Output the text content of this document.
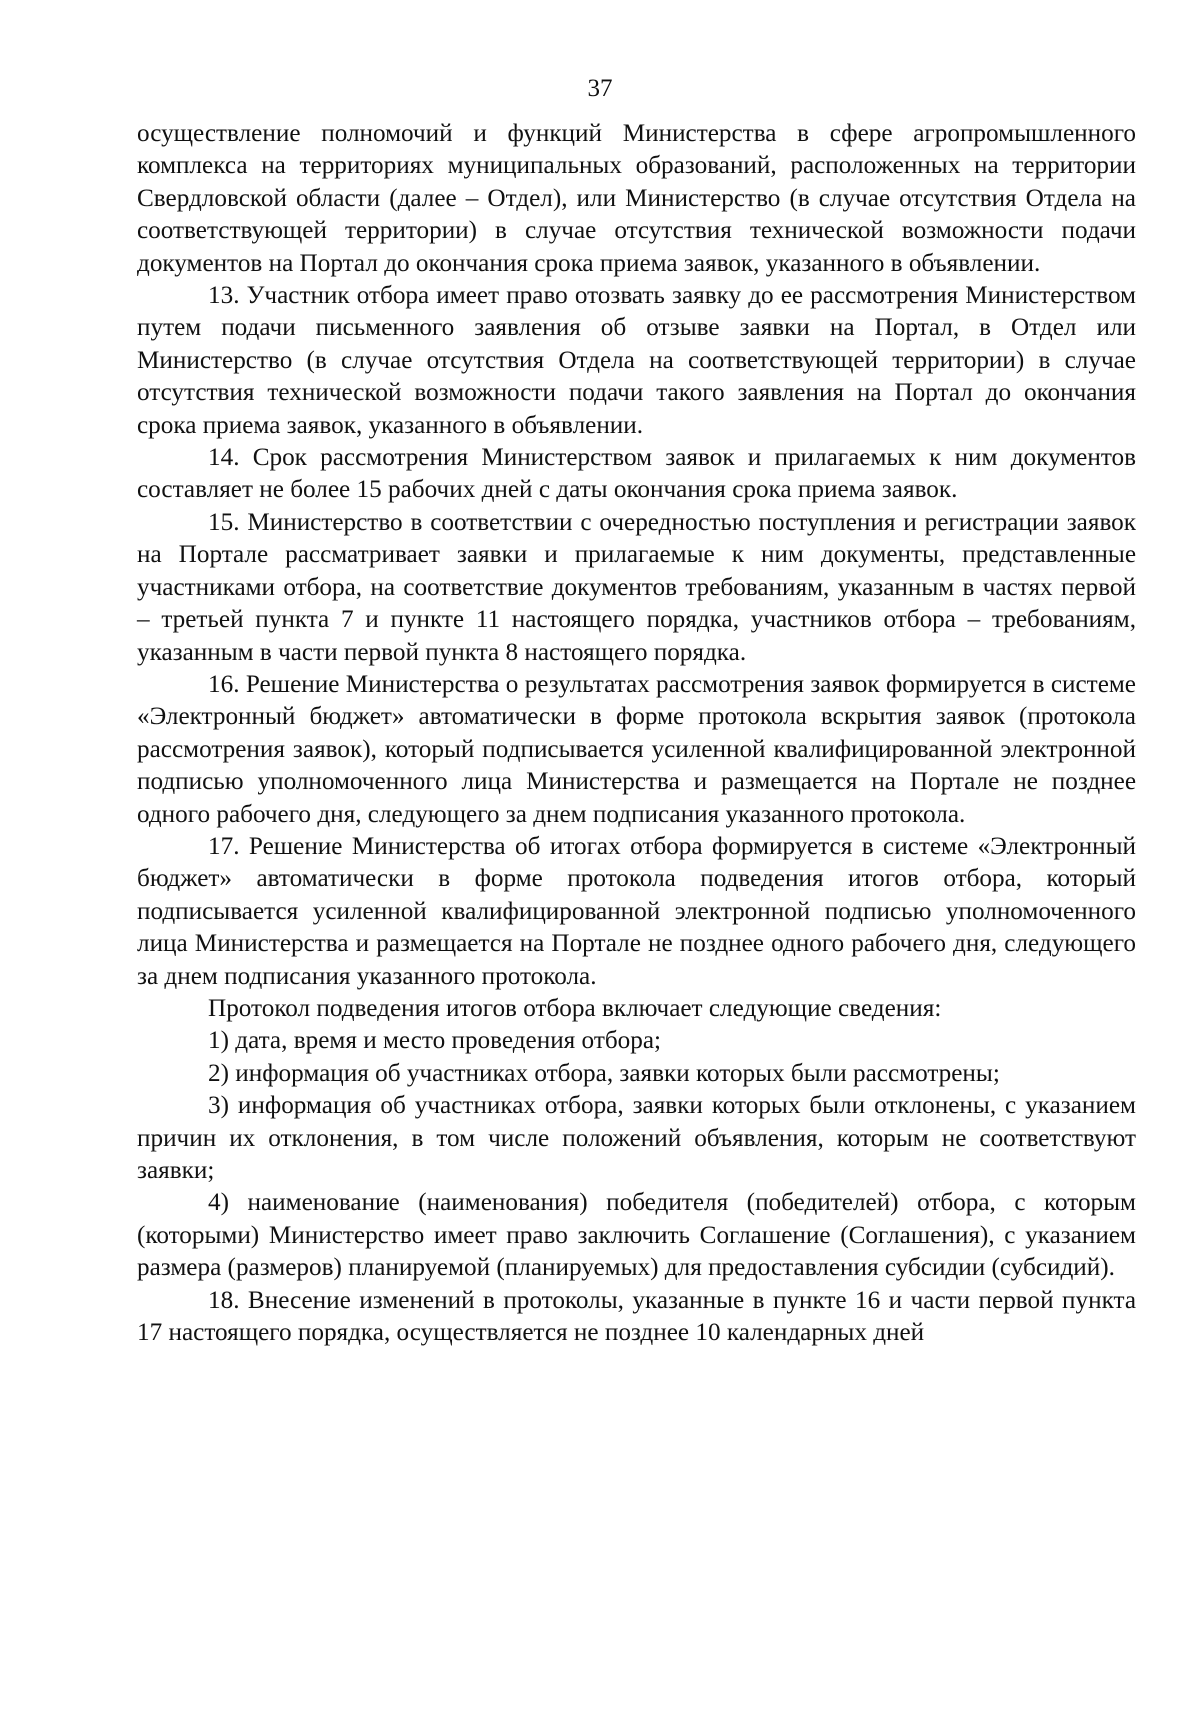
37

осуществление полномочий и функций Министерства в сфере агропромышленного комплекса на территориях муниципальных образований, расположенных на территории Свердловской области (далее – Отдел), или Министерство (в случае отсутствия Отдела на соответствующей территории) в случае отсутствия технической возможности подачи документов на Портал до окончания срока приема заявок, указанного в объявлении.

13. Участник отбора имеет право отозвать заявку до ее рассмотрения Министерством путем подачи письменного заявления об отзыве заявки на Портал, в Отдел или Министерство (в случае отсутствия Отдела на соответствующей территории) в случае отсутствия технической возможности подачи такого заявления на Портал до окончания срока приема заявок, указанного в объявлении.

14. Срок рассмотрения Министерством заявок и прилагаемых к ним документов составляет не более 15 рабочих дней с даты окончания срока приема заявок.

15. Министерство в соответствии с очередностью поступления и регистрации заявок на Портале рассматривает заявки и прилагаемые к ним документы, представленные участниками отбора, на соответствие документов требованиям, указанным в частях первой – третьей пункта 7 и пункте 11 настоящего порядка, участников отбора – требованиям, указанным в части первой пункта 8 настоящего порядка.

16. Решение Министерства о результатах рассмотрения заявок формируется в системе «Электронный бюджет» автоматически в форме протокола вскрытия заявок (протокола рассмотрения заявок), который подписывается усиленной квалифицированной электронной подписью уполномоченного лица Министерства и размещается на Портале не позднее одного рабочего дня, следующего за днем подписания указанного протокола.

17. Решение Министерства об итогах отбора формируется в системе «Электронный бюджет» автоматически в форме протокола подведения итогов отбора, который подписывается усиленной квалифицированной электронной подписью уполномоченного лица Министерства и размещается на Портале не позднее одного рабочего дня, следующего за днем подписания указанного протокола.

Протокол подведения итогов отбора включает следующие сведения:

1) дата, время и место проведения отбора;

2) информация об участниках отбора, заявки которых были рассмотрены;

3) информация об участниках отбора, заявки которых были отклонены, с указанием причин их отклонения, в том числе положений объявления, которым не соответствуют заявки;

4) наименование (наименования) победителя (победителей) отбора, с которым (которыми) Министерство имеет право заключить Соглашение (Соглашения), с указанием размера (размеров) планируемой (планируемых) для предоставления субсидии (субсидий).

18. Внесение изменений в протоколы, указанные в пункте 16 и части первой пункта 17 настоящего порядка, осуществляется не позднее 10 календарных дней
